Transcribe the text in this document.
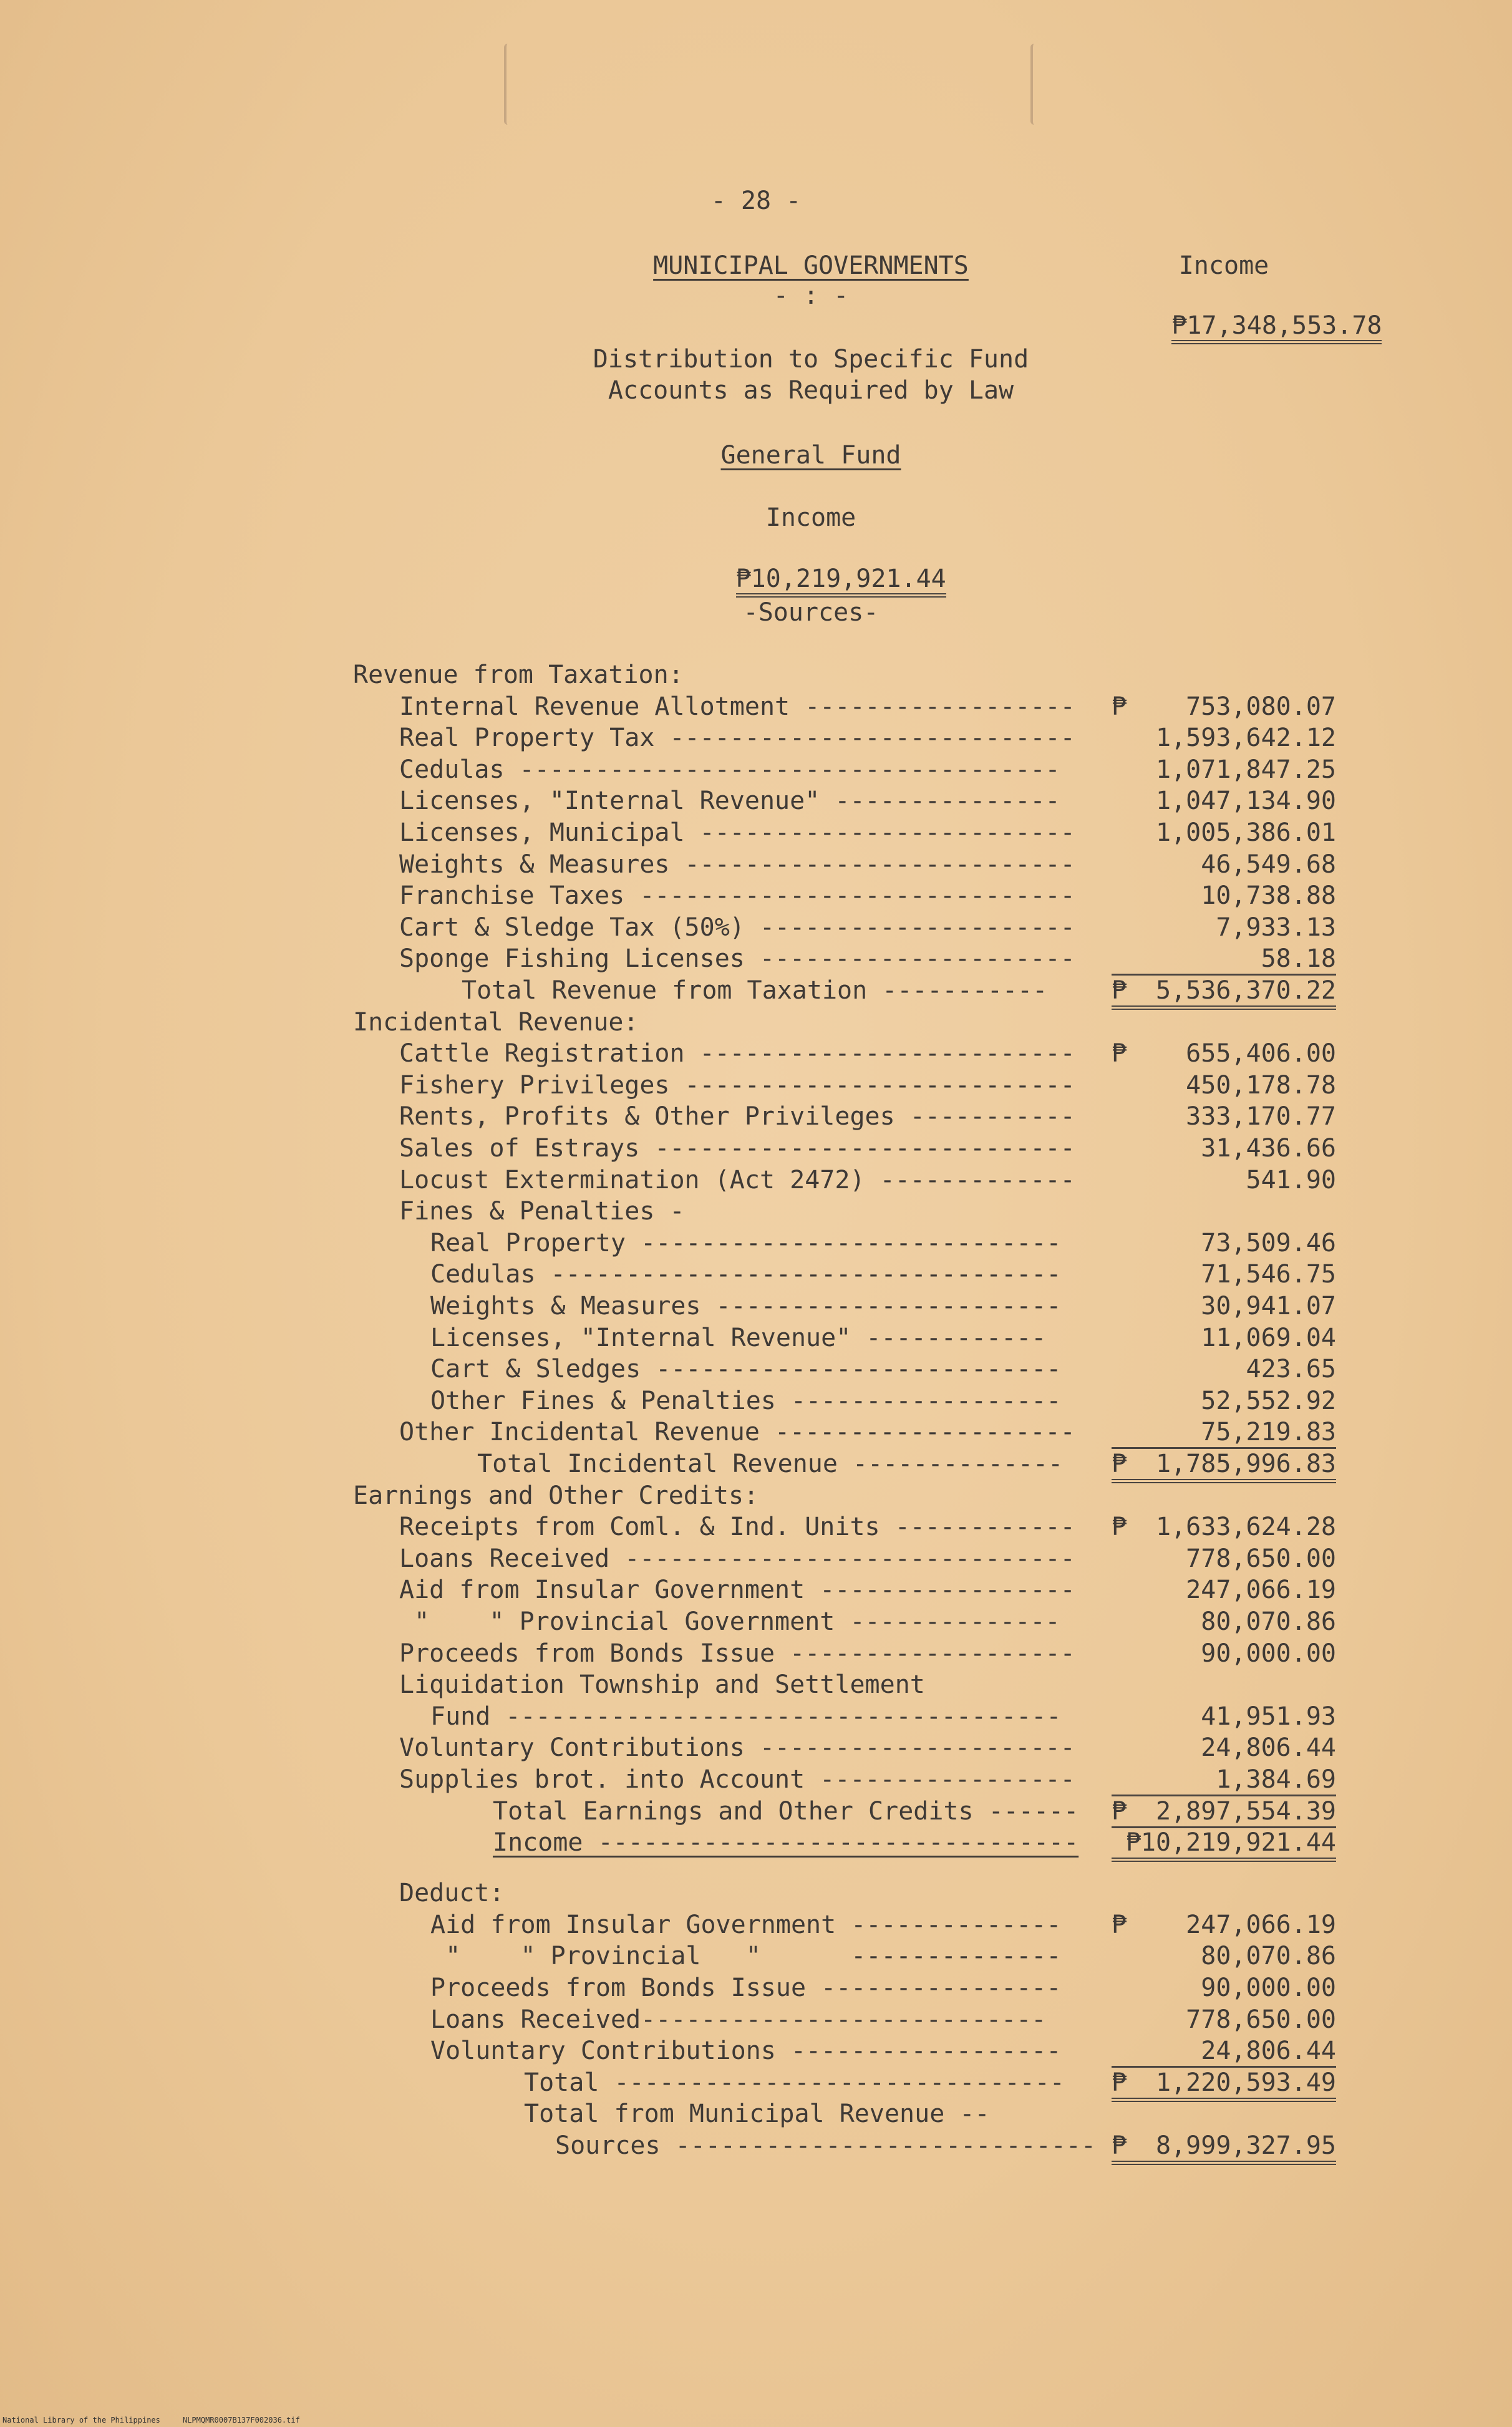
- 28 -
MUNICIPAL GOVERNMENTS
- : -
Income

₱17,348,553.78

Distribution to Specific Fund
Accounts as Required by Law
General Fund
Income

₱10,219,921.44

-Sources-
Revenue from Taxation:
Internal Revenue Allotment ------------------ ₱	753,080.07
Real Property Tax ---------------------------	1,593,642.12
Cedulas ------------------------------------	1,071,847.25
Licenses, "Internal Revenue" ---------------	1,047,134.90
Licenses, Municipal -------------------------	1,005,386.01
Weights & Measures --------------------------	46,549.68
Franchise Taxes -----------------------------	10,738.88
Cart & Sledge Tax (50%) ---------------------	7,933.13
Sponge Fishing Licenses ---------------------	58.18
Total Revenue from Taxation -----------	₱	5,536,370.22
Incidental Revenue:
Cattle Registration ------------------------- ₱	655,406.00
Fishery Privileges --------------------------	450,178.78
Rents, Profits & Other Privileges -----------	333,170.77
Sales of Estrays ----------------------------	31,436.66
Locust Extermination (Act 2472) -------------	541.90
Fines & Penalties -
Real Property ----------------------------	73,509.46
Cedulas ----------------------------------	71,546.75
Weights & Measures -----------------------	30,941.07
Licenses, "Internal Revenue" ------------	11,069.04
Cart & Sledges ---------------------------	423.65
Other Fines & Penalties ------------------	52,552.92
Other Incidental Revenue --------------------	75,219.83
Total Incidental Revenue -------------- ₱	1,785,996.83
Earnings and Other Credits:
Receipts from Coml. & Ind. Units ------------ ₱	1,633,624.28
Loans Received ------------------------------	778,650.00
Aid from Insular Government -----------------	247,066.19
"    " Provincial Government --------------	80,070.86
Proceeds from Bonds Issue -------------------	90,000.00
Liquidation Township and Settlement
Fund -------------------------------------	41,951.93
Voluntary Contributions ---------------------	24,806.44
Supplies brot. into Account -----------------	1,384.69
Total Earnings and Other Credits ------ ₱	2,897,554.39
Income --------------------------------	₱10,219,921.44
Deduct:
Aid from Insular Government -------------- ₱	247,066.19
"    " Provincial   "      --------------	80,070.86
Proceeds from Bonds Issue ----------------	90,000.00
Loans Received---------------------------	778,650.00
Voluntary Contributions ------------------	24,806.44
Total ------------------------------ ₱	1,220,593.49
Total from Municipal Revenue --
Sources ---------------------------- ₱	8,999,327.95
National Library of the Philippines     NLPMQMR0007B137F002036.tif
